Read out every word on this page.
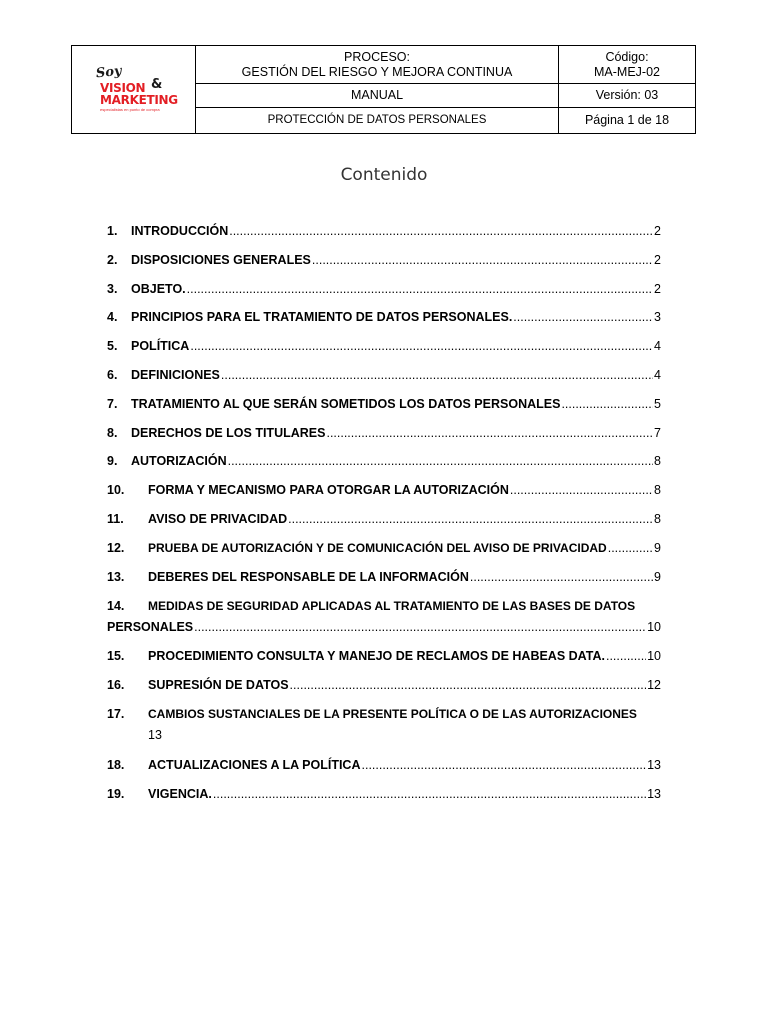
Soy
VISION &
MARKETING
especialistas en punto de compra
PROCESO:
GESTIÓN DEL RIESGO Y MEJORA CONTINUA
Código:
MA-MEJ-02
MANUAL	Versión: 03
PROTECCIÓN DE DATOS PERSONALES	Página 1 de 18
Contenido
1.	INTRODUCCIÓN .....	2
2.	DISPOSICIONES GENERALES .....	2
3.	OBJETO. .....	2
4.	PRINCIPIOS PARA EL TRATAMIENTO DE DATOS PERSONALES. .....	3
5.	POLÍTICA .....	4
6.	DEFINICIONES .....	4
7.	TRATAMIENTO AL QUE SERÁN SOMETIDOS LOS DATOS PERSONALES .....	5
8.	DERECHOS DE LOS TITULARES .....	7
9.	AUTORIZACIÓN .....	8
10.	FORMA Y MECANISMO PARA OTORGAR LA AUTORIZACIÓN .....	8
11.	AVISO DE PRIVACIDAD .....	8
12.	PRUEBA DE AUTORIZACIÓN Y DE COMUNICACIÓN DEL AVISO DE PRIVACIDAD .....	9
13.	DEBERES DEL RESPONSABLE DE LA INFORMACIÓN .....	9
14.	MEDIDAS DE SEGURIDAD APLICADAS AL TRATAMIENTO DE LAS BASES DE DATOS
PERSONALES .....	10
15.	PROCEDIMIENTO CONSULTA Y MANEJO DE RECLAMOS DE HABEAS DATA. .....	10
16.	SUPRESIÓN DE DATOS .....	12
17.	CAMBIOS SUSTANCIALES DE LA PRESENTE POLÍTICA O DE LAS AUTORIZACIONES
13
18.	ACTUALIZACIONES A LA POLÍTICA .....	13
19.	VIGENCIA. .....	13
